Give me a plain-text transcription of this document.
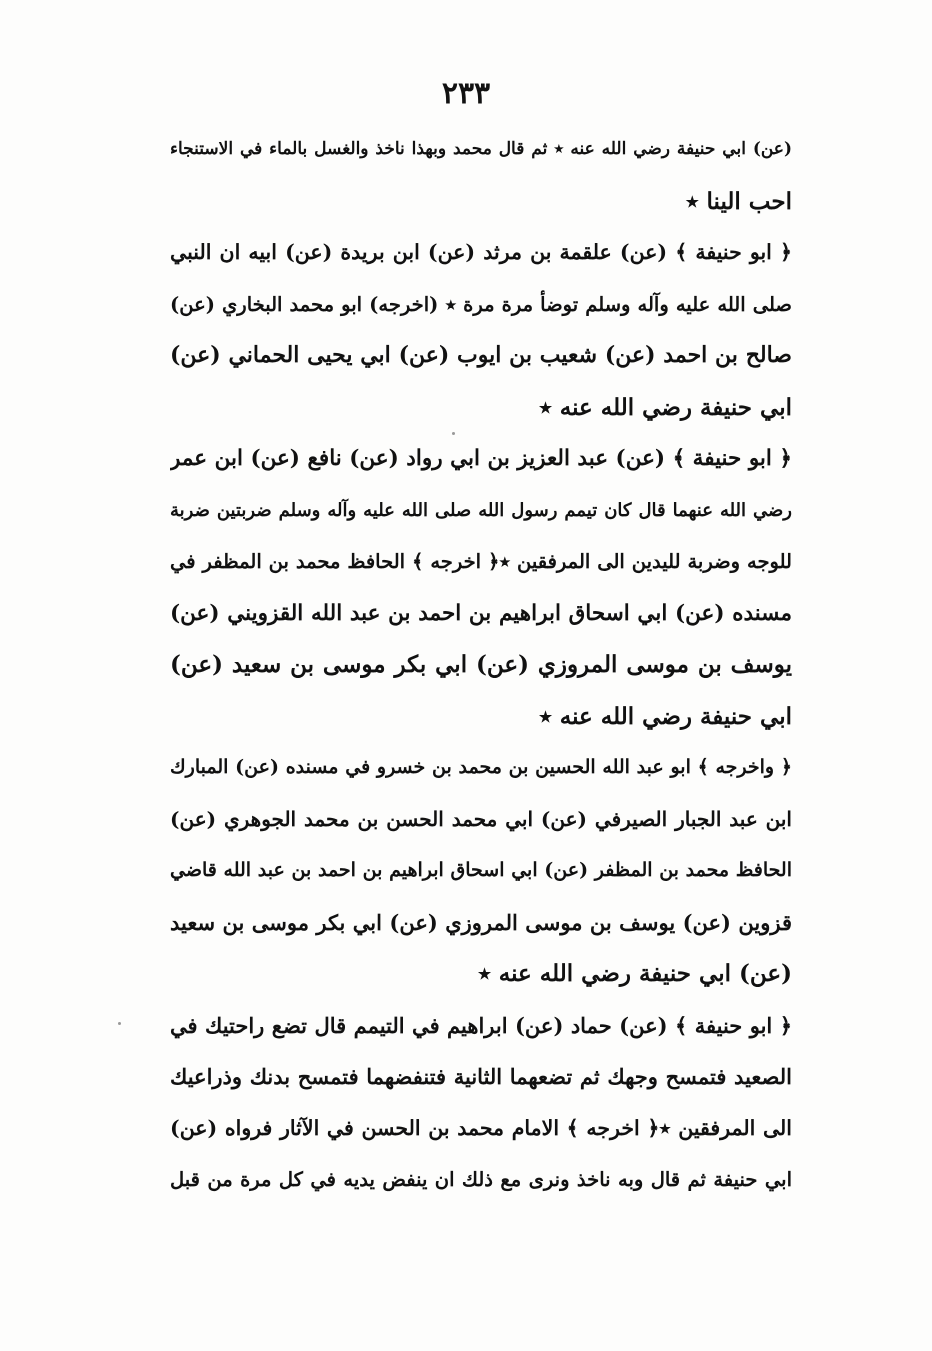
٢٣٣
(عن) ابي حنيفة رضي الله عنه ٭ ثم قال محمد وبهذا ناخذ والغسل بالماء في الاستنجاء
احب الينا ٭
﴿ ابو حنيفة ﴾ (عن) علقمة بن مرثد (عن) ابن بريدة (عن) ابيه ان النبي
صلى الله عليه وآله وسلم توضأ مرة مرة ٭ (اخرجه) ابو محمد البخاري (عن)
صالح بن احمد (عن) شعيب بن ايوب (عن) ابي يحيى الحماني (عن)
ابي حنيفة رضي الله عنه ٭
﴿ ابو حنيفة ﴾ (عن) عبد العزيز بن ابي رواد (عن) نافع (عن) ابن عمر
رضي الله عنهما قال كان تيمم رسول الله صلى الله عليه وآله وسلم ضربتين ضربة
للوجه وضربة لليدين الى المرفقين ٭﴿ اخرجه ﴾ الحافظ محمد بن المظفر في
مسنده (عن) ابي اسحاق ابراهيم بن احمد بن عبد الله القزويني (عن)
يوسف بن موسى المروزي (عن) ابي بكر موسى بن سعيد (عن)
ابي حنيفة رضي الله عنه ٭
﴿ واخرجه ﴾ ابو عبد الله الحسين بن محمد بن خسرو في مسنده (عن) المبارك
ابن عبد الجبار الصيرفي (عن) ابي محمد الحسن بن محمد الجوهري (عن)
الحافظ محمد بن المظفر (عن) ابي اسحاق ابراهيم بن احمد بن عبد الله قاضي
قزوين (عن) يوسف بن موسى المروزي (عن) ابي بكر موسى بن سعيد
(عن) ابي حنيفة رضي الله عنه ٭
﴿ ابو حنيفة ﴾ (عن) حماد (عن) ابراهيم في التيمم قال تضع راحتيك في
الصعيد فتمسح وجهك ثم تضعهما الثانية فتنفضهما فتمسح بدنك وذراعيك
الى المرفقين ٭﴿ اخرجه ﴾ الامام محمد بن الحسن في الآثار فرواه (عن)
ابي حنيفة ثم قال وبه ناخذ ونرى مع ذلك ان ينفض يديه في كل مرة من قبل
